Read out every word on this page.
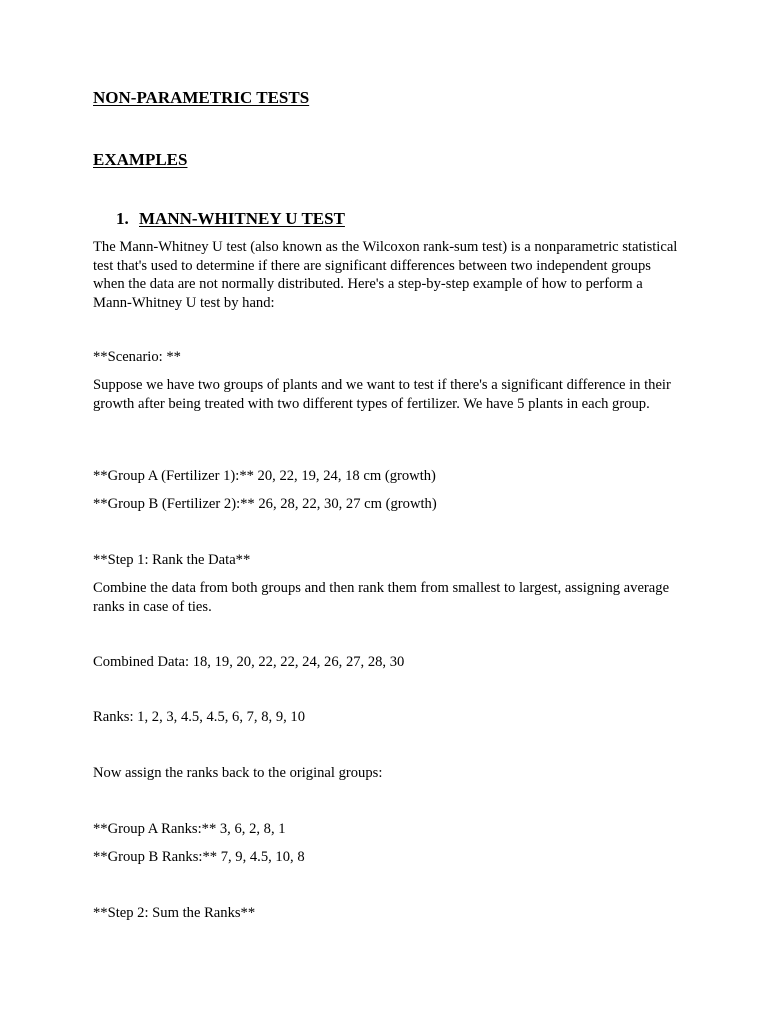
NON-PARAMETRIC TESTS
EXAMPLES
1. MANN-WHITNEY U TEST

The Mann-Whitney U test (also known as the Wilcoxon rank-sum test) is a nonparametric statistical test that's used to determine if there are significant differences between two independent groups when the data are not normally distributed. Here's a step-by-step example of how to perform a Mann-Whitney U test by hand:

**Scenario: **

Suppose we have two groups of plants and we want to test if there's a significant difference in their growth after being treated with two different types of fertilizer. We have 5 plants in each group.

**Group A (Fertilizer 1):** 20, 22, 19, 24, 18 cm (growth)

**Group B (Fertilizer 2):** 26, 28, 22, 30, 27 cm (growth)

**Step 1: Rank the Data**

Combine the data from both groups and then rank them from smallest to largest, assigning average ranks in case of ties.

Combined Data: 18, 19, 20, 22, 22, 24, 26, 27, 28, 30

Ranks: 1, 2, 3, 4.5, 4.5, 6, 7, 8, 9, 10

Now assign the ranks back to the original groups:

**Group A Ranks:** 3, 6, 2, 8, 1

**Group B Ranks:** 7, 9, 4.5, 10, 8

**Step 2: Sum the Ranks**
